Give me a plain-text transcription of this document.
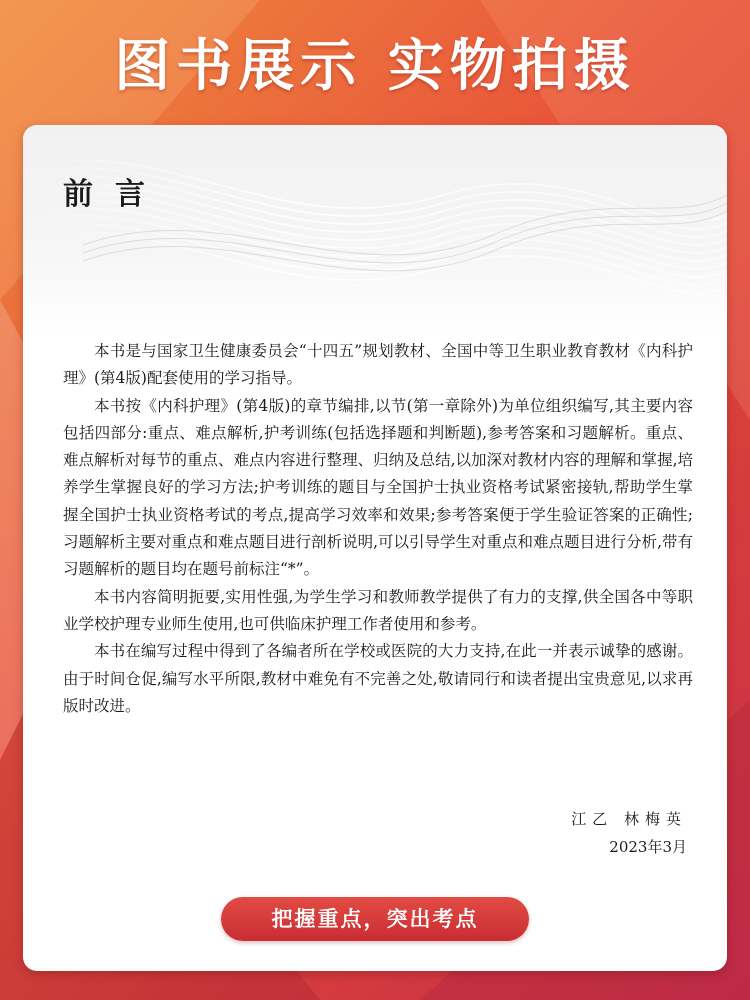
图书展示 实物拍摄
前言

本书是与国家卫生健康委员会“十四五”规划教材、全国中等卫生职业教育教材《内科护理》(第4版)配套使用的学习指导。

本书按《内科护理》(第4版)的章节编排,以节(第一章除外)为单位组织编写,其主要内容包括四部分:重点、难点解析,护考训练(包括选择题和判断题),参考答案和习题解析。重点、难点解析对每节的重点、难点内容进行整理、归纳及总结,以加深对教材内容的理解和掌握,培养学生掌握良好的学习方法;护考训练的题目与全国护士执业资格考试紧密接轨,帮助学生掌握全国护士执业资格考试的考点,提高学习效率和效果;参考答案便于学生验证答案的正确性;习题解析主要对重点和难点题目进行剖析说明,可以引导学生对重点和难点题目进行分析,带有习题解析的题目均在题号前标注“*”。

本书内容简明扼要,实用性强,为学生学习和教师教学提供了有力的支撑,供全国各中等职业学校护理专业师生使用,也可供临床护理工作者使用和参考。

本书在编写过程中得到了各编者所在学校或医院的大力支持,在此一并表示诚挚的感谢。由于时间仓促,编写水平所限,教材中难免有不完善之处,敬请同行和读者提出宝贵意见,以求再版时改进。

江乙 林梅英
2023年3月
把握重点，突出考点
